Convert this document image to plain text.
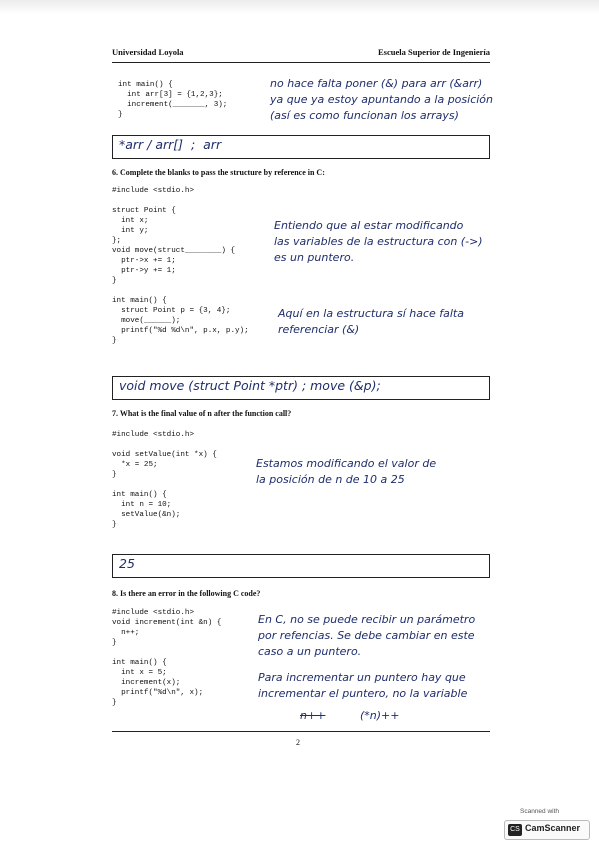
Universidad Loyola	Escuela Superior de Ingeniería
int main() {
int arr[3] = {1,2,3};
increment(_______, 3);
}
no hace falta poner (&) para arr (&arr)
ya que ya estoy apuntando a la posición
(así es como funcionan los arrays)
*arr / arr[]  ;  arr
6. Complete the blanks to pass the structure by reference in C:
#include <stdio.h>

struct Point {
int x;
int y;
};
void move(struct________) {
ptr->x += 1;
ptr->y += 1;
}

int main() {
struct Point p = {3, 4};
move(______);
printf("%d %d\n", p.x, p.y);
}
Entiendo que al estar modificando
las variables de la estructura con (->)
es un puntero.
Aquí en la estructura sí hace falta
referenciar (&)
void move (struct Point *ptr) ; move (&p);
7. What is the final value of n after the function call?
#include <stdio.h>

void setValue(int *x) {
*x = 25;
}

int main() {
int n = 10;
setValue(&n);
}
Estamos modificando el valor de
la posición de n de 10 a 25
25
8. Is there an error in the following C code?
#include <stdio.h>
void increment(int &n) {
n++;
}

int main() {
int x = 5;
increment(x);
printf("%d\n", x);
}
En C, no se puede recibir un parámetro
por refencias. Se debe cambiar en este
caso a un puntero.
Para incrementar un puntero hay que
incrementar el puntero, no la variable
n++	(*n)++
2
Scanned with
CS CamScanner
